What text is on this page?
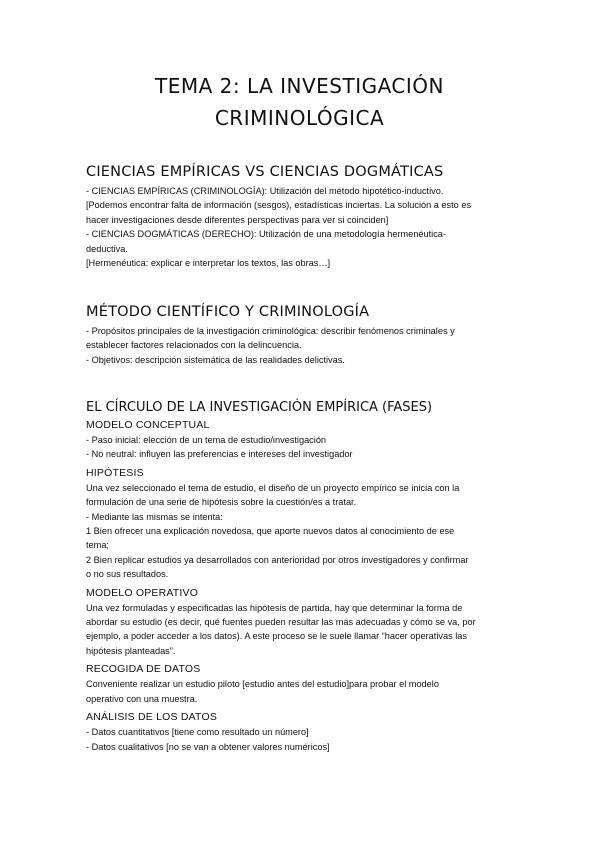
TEMA 2: LA INVESTIGACIÓN
CRIMINOLÓGICA
CIENCIAS EMPÍRICAS VS CIENCIAS DOGMÁTICAS
- CIENCIAS EMPÍRICAS (CRIMINOLOGÍA): Utilización del método hipotético-inductivo.
[Podemos encontrar falta de información (sesgos), estadísticas inciertas. La solución a esto es
hacer investigaciones desde diferentes perspectivas para ver si coinciden]
- CIENCIAS DOGMÁTICAS (DERECHO): Utilización de una metodología hermenéutica-
deductiva.
[Hermenéutica: explicar e interpretar los textos, las obras…]
MÉTODO CIENTÍFICO Y CRIMINOLOGÍA
- Propósitos principales de la investigación criminológica: describir fenómenos criminales y
establecer factores relacionados con la delincuencia.
- Objetivos: descripción sistemática de las realidades delictivas.
EL CÍRCULO DE LA INVESTIGACIÓN EMPÍRICA (FASES)
MODELO CONCEPTUAL
- Paso inicial: elección de un tema de estudio/investigación
- No neutral: influyen las preferencias e intereses del investigador
HIPÓTESIS
Una vez seleccionado el tema de estudio, el diseño de un proyecto empírico se inicia con la
formulación de una serie de hipótesis sobre la cuestión/es a tratar.
- Mediante las mismas se intenta:
1 Bien ofrecer una explicación novedosa, que aporte nuevos datos al conocimiento de ese
tema;
2 Bien replicar estudios ya desarrollados con anterioridad por otros investigadores y confirmar
o no sus resultados.
MODELO OPERATIVO
Una vez formuladas y especificadas las hipótesis de partida, hay que determinar la forma de
abordar su estudio (es decir, qué fuentes pueden resultar las más adecuadas y cómo se va, por
ejemplo, a poder acceder a los datos). A este proceso se le suele llamar “hacer operativas las
hipótesis planteadas”.
RECOGIDA DE DATOS
Conveniente realizar un estudio piloto [estudio antes del estudio]para probar el modelo
operativo con una muestra.
ANÁLISIS DE LOS DATOS
- Datos cuantitativos [tiene como resultado un número]
- Datos cualitativos [no se van a obtener valores numéricos]
